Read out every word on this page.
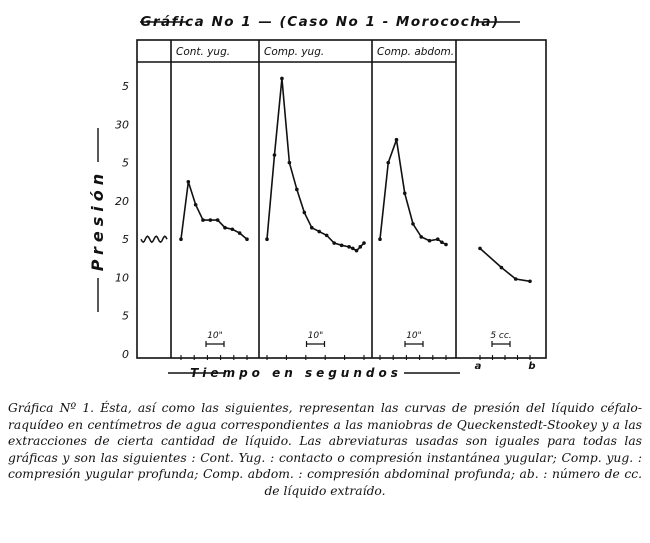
0
5
10
5
20
5
30
5
Cont. yug.
10"
Comp. yug.
10"
Comp. abdom.
10"	5 cc.
a	b
Gráfica No 1 — (Caso No 1 - Morococha)
Presión
Tiempo en segundos
Gráfica Nº 1. Ésta, así como las siguientes, representan las curvas de presión del líquido céfalo-raquídeo en centímetros de agua correspondientes a las maniobras de Queckenstedt-Stookey y a las extracciones de cierta cantidad de líquido. Las abreviaturas usadas son iguales para todas las gráficas y son las siguientes : Cont. Yug. : contacto o compresión instantánea yugular; Comp. yug. : compresión yugular profunda; Comp. abdom. : compresión abdominal profunda; ab. : número de cc. de líquido extraído.
